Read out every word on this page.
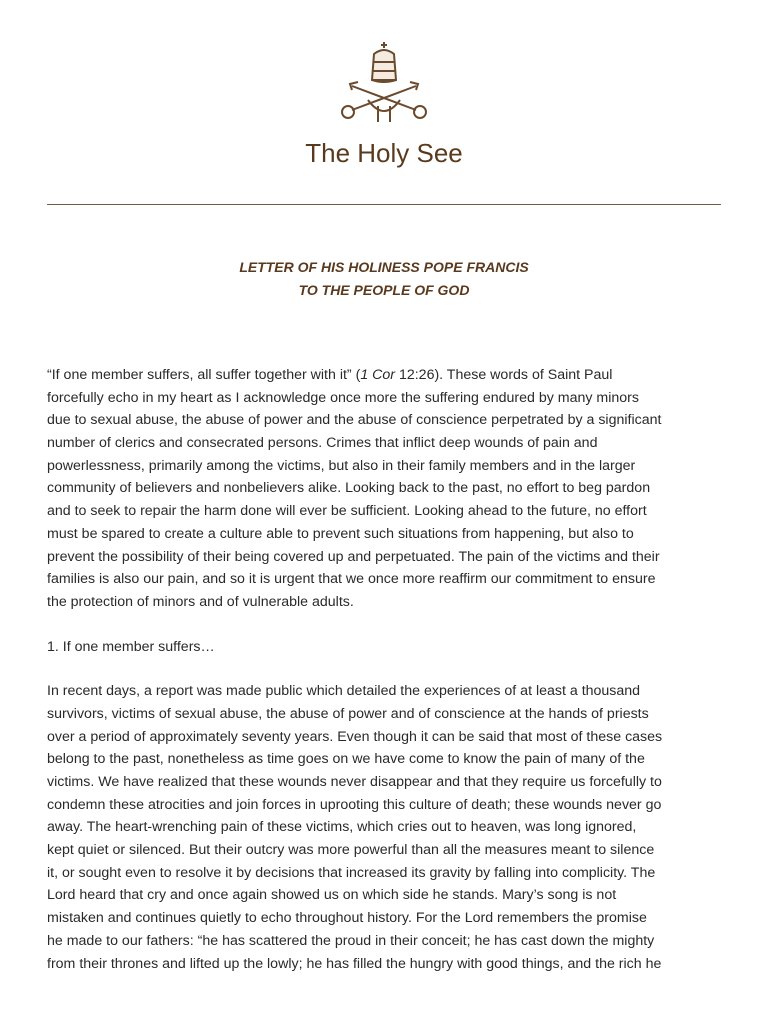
The Holy See
LETTER OF HIS HOLINESS POPE FRANCIS
TO THE PEOPLE OF GOD
“If one member suffers, all suffer together with it” (1 Cor 12:26). These words of Saint Paul
forcefully echo in my heart as I acknowledge once more the suffering endured by many minors
due to sexual abuse, the abuse of power and the abuse of conscience perpetrated by a significant
number of clerics and consecrated persons. Crimes that inflict deep wounds of pain and
powerlessness, primarily among the victims, but also in their family members and in the larger
community of believers and nonbelievers alike. Looking back to the past, no effort to beg pardon
and to seek to repair the harm done will ever be sufficient. Looking ahead to the future, no effort
must be spared to create a culture able to prevent such situations from happening, but also to
prevent the possibility of their being covered up and perpetuated. The pain of the victims and their
families is also our pain, and so it is urgent that we once more reaffirm our commitment to ensure
the protection of minors and of vulnerable adults.
1. If one member suffers…
In recent days, a report was made public which detailed the experiences of at least a thousand
survivors, victims of sexual abuse, the abuse of power and of conscience at the hands of priests
over a period of approximately seventy years. Even though it can be said that most of these cases
belong to the past, nonetheless as time goes on we have come to know the pain of many of the
victims. We have realized that these wounds never disappear and that they require us forcefully to
condemn these atrocities and join forces in uprooting this culture of death; these wounds never go
away. The heart-wrenching pain of these victims, which cries out to heaven, was long ignored,
kept quiet or silenced. But their outcry was more powerful than all the measures meant to silence
it, or sought even to resolve it by decisions that increased its gravity by falling into complicity. The
Lord heard that cry and once again showed us on which side he stands. Mary’s song is not
mistaken and continues quietly to echo throughout history. For the Lord remembers the promise
he made to our fathers: “he has scattered the proud in their conceit; he has cast down the mighty
from their thrones and lifted up the lowly; he has filled the hungry with good things, and the rich he
